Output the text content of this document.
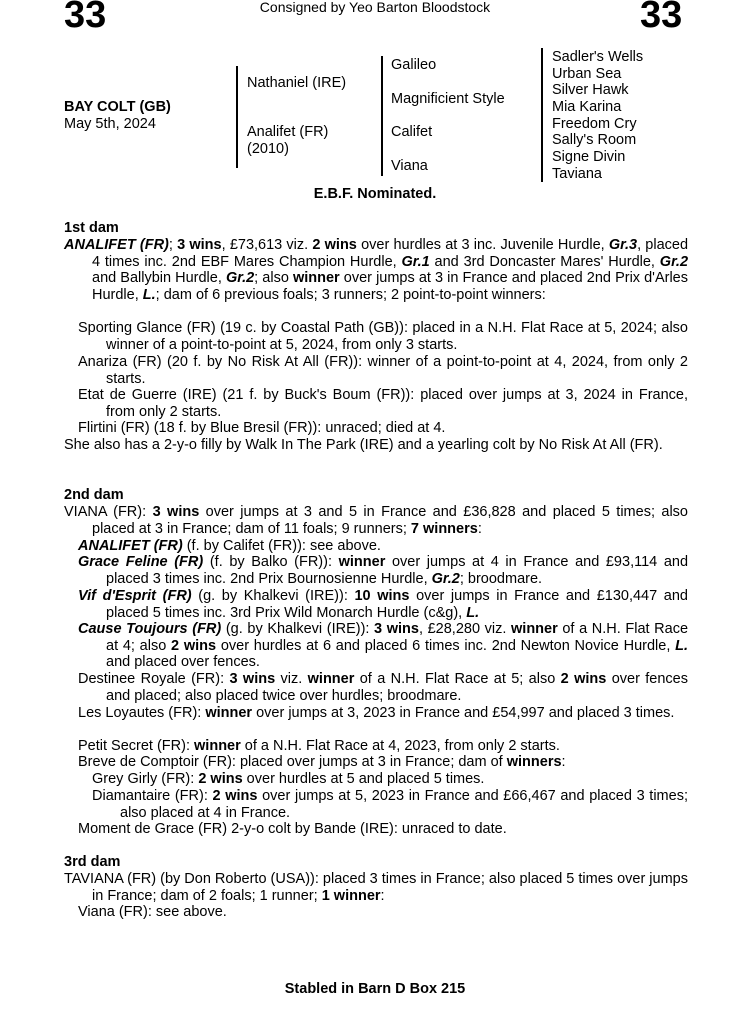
33	Consigned by Yeo Barton Bloodstock	33
BAY COLT (GB)
May 5th, 2024
Nathaniel (IRE)
Analifet (FR)
(2010)
Galileo
Magnificient Style
Califet
Viana
Sadler's Wells
Urban Sea
Silver Hawk
Mia Karina
Freedom Cry
Sally's Room
Signe Divin
Taviana
E.B.F. Nominated.
1st dam
ANALIFET (FR); 3 wins, £73,613 viz. 2 wins over hurdles at 3 inc. Juvenile Hurdle, Gr.3, placed 4 times inc. 2nd EBF Mares Champion Hurdle, Gr.1 and 3rd Doncaster Mares' Hurdle, Gr.2 and Ballybin Hurdle, Gr.2; also winner over jumps at 3 in France and placed 2nd Prix d'Arles Hurdle, L.; dam of 6 previous foals; 3 runners; 2 point-to-point winners:
Sporting Glance (FR) (19 c. by Coastal Path (GB)): placed in a N.H. Flat Race at 5, 2024; also winner of a point-to-point at 5, 2024, from only 3 starts.
Anariza (FR) (20 f. by No Risk At All (FR)): winner of a point-to-point at 4, 2024, from only 2 starts.
Etat de Guerre (IRE) (21 f. by Buck's Boum (FR)): placed over jumps at 3, 2024 in France, from only 2 starts.
Flirtini (FR) (18 f. by Blue Bresil (FR)): unraced; died at 4.
She also has a 2-y-o filly by Walk In The Park (IRE) and a yearling colt by No Risk At All (FR).
2nd dam
VIANA (FR): 3 wins over jumps at 3 and 5 in France and £36,828 and placed 5 times; also placed at 3 in France; dam of 11 foals; 9 runners; 7 winners:
ANALIFET (FR) (f. by Califet (FR)): see above.
Grace Feline (FR) (f. by Balko (FR)): winner over jumps at 4 in France and £93,114 and placed 3 times inc. 2nd Prix Bournosienne Hurdle, Gr.2; broodmare.
Vif d'Esprit (FR) (g. by Khalkevi (IRE)): 10 wins over jumps in France and £130,447 and placed 5 times inc. 3rd Prix Wild Monarch Hurdle (c&g), L.
Cause Toujours (FR) (g. by Khalkevi (IRE)): 3 wins, £28,280 viz. winner of a N.H. Flat Race at 4; also 2 wins over hurdles at 6 and placed 6 times inc. 2nd Newton Novice Hurdle, L. and placed over fences.
Destinee Royale (FR): 3 wins viz. winner of a N.H. Flat Race at 5; also 2 wins over fences and placed; also placed twice over hurdles; broodmare.
Les Loyautes (FR): winner over jumps at 3, 2023 in France and £54,997 and placed 3 times.
Petit Secret (FR): winner of a N.H. Flat Race at 4, 2023, from only 2 starts.
Breve de Comptoir (FR): placed over jumps at 3 in France; dam of winners:
Grey Girly (FR): 2 wins over hurdles at 5 and placed 5 times.
Diamantaire (FR): 2 wins over jumps at 5, 2023 in France and £66,467 and placed 3 times; also placed at 4 in France.
Moment de Grace (FR) 2-y-o colt by Bande (IRE): unraced to date.
3rd dam
TAVIANA (FR) (by Don Roberto (USA)): placed 3 times in France; also placed 5 times over jumps in France; dam of 2 foals; 1 runner; 1 winner:
Viana (FR): see above.
Stabled in Barn D Box 215
